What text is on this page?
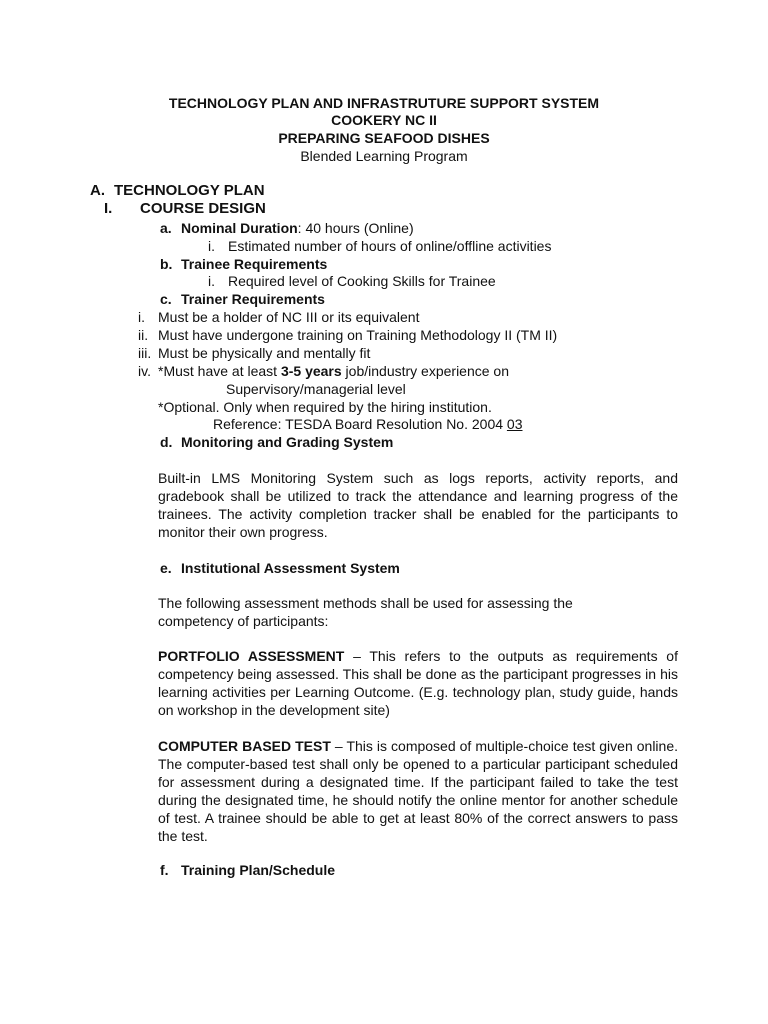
TECHNOLOGY PLAN AND INFRASTRUTURE SUPPORT SYSTEM
COOKERY NC II
PREPARING SEAFOOD DISHES
Blended Learning Program
A. TECHNOLOGY PLAN
I. COURSE DESIGN
a. Nominal Duration: 40 hours (Online)
i. Estimated number of hours of online/offline activities
b. Trainee Requirements
i. Required level of Cooking Skills for Trainee
c. Trainer Requirements
i. Must be a holder of NC III or its equivalent
ii. Must have undergone training on Training Methodology II (TM II)
iii. Must be physically and mentally fit
iv. *Must have at least 3-5 years job/industry experience on
Supervisory/managerial level
*Optional. Only when required by the hiring institution.
Reference: TESDA Board Resolution No. 2004 03
d. Monitoring and Grading System
Built-in LMS Monitoring System such as logs reports, activity reports, and gradebook shall be utilized to track the attendance and learning progress of the trainees. The activity completion tracker shall be enabled for the participants to monitor their own progress.
e. Institutional Assessment System
The following assessment methods shall be used for assessing the competency of participants:
PORTFOLIO ASSESSMENT – This refers to the outputs as requirements of competency being assessed. This shall be done as the participant progresses in his learning activities per Learning Outcome. (E.g. technology plan, study guide, hands on workshop in the development site)
COMPUTER BASED TEST – This is composed of multiple-choice test given online. The computer-based test shall only be opened to a particular participant scheduled for assessment during a designated time. If the participant failed to take the test during the designated time, he should notify the online mentor for another schedule of test. A trainee should be able to get at least 80% of the correct answers to pass the test.
f. Training Plan/Schedule
